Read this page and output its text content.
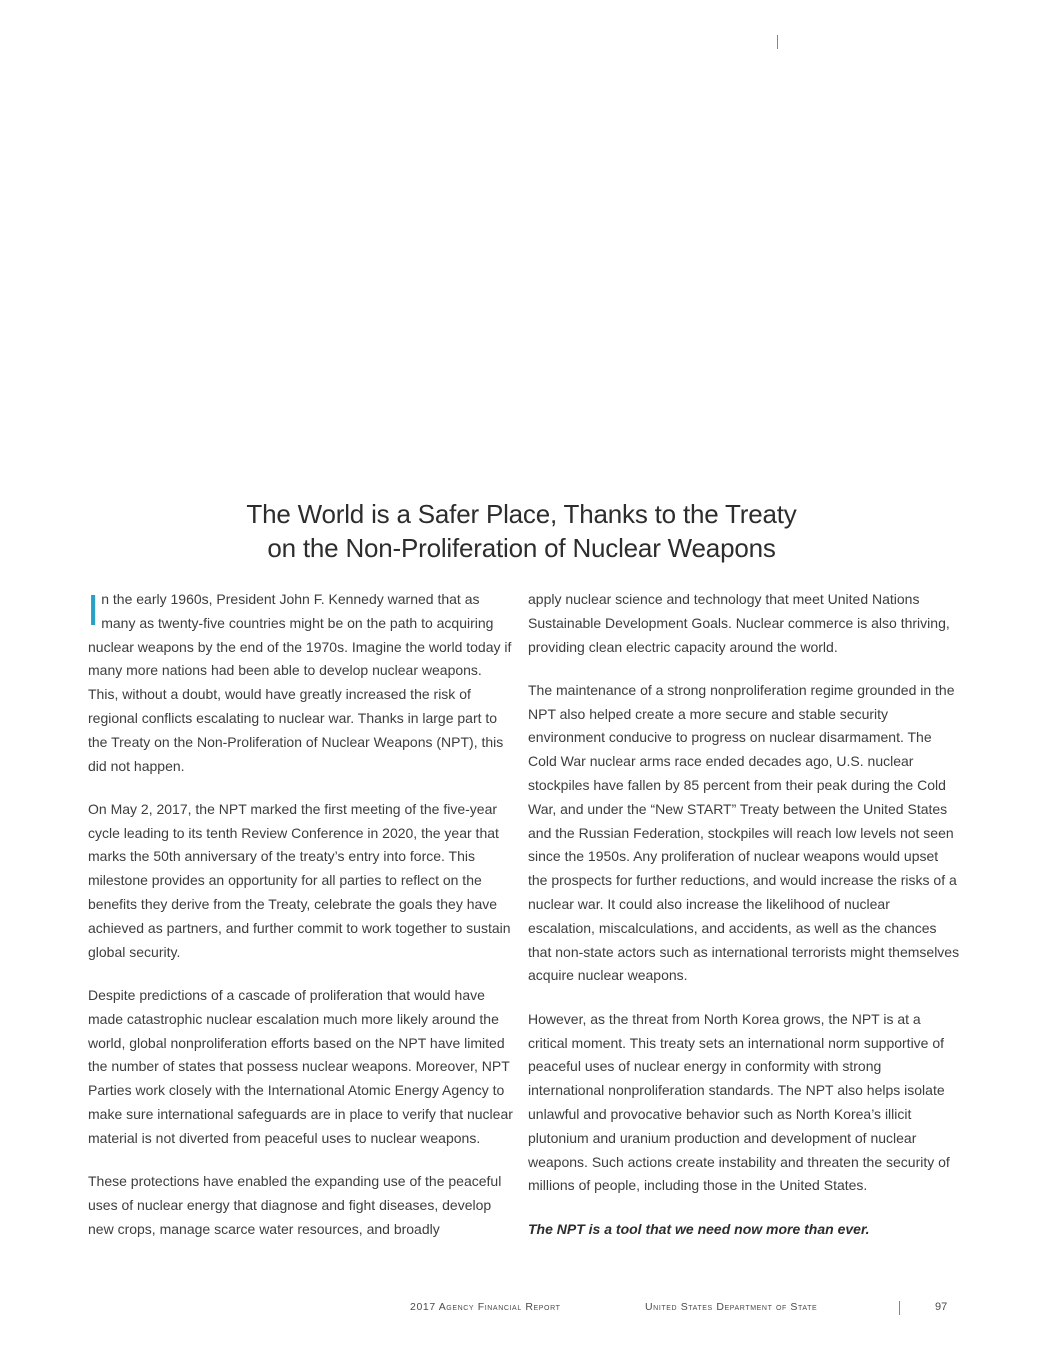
The World is a Safer Place, Thanks to the Treaty
on the Non-Proliferation of Nuclear Weapons

In the early 1960s, President John F. Kennedy warned that as many as twenty-five countries might be on the path to acquiring nuclear weapons by the end of the 1970s. Imagine the world today if many more nations had been able to develop nuclear weapons. This, without a doubt, would have greatly increased the risk of regional conflicts escalating to nuclear war. Thanks in large part to the Treaty on the Non-Proliferation of Nuclear Weapons (NPT), this did not happen.

On May 2, 2017, the NPT marked the first meeting of the five-year cycle leading to its tenth Review Conference in 2020, the year that marks the 50th anniversary of the treaty’s entry into force. This milestone provides an opportunity for all parties to reflect on the benefits they derive from the Treaty, celebrate the goals they have achieved as partners, and further commit to work together to sustain global security.

Despite predictions of a cascade of proliferation that would have made catastrophic nuclear escalation much more likely around the world, global nonproliferation efforts based on the NPT have limited the number of states that possess nuclear weapons. Moreover, NPT Parties work closely with the International Atomic Energy Agency to make sure international safeguards are in place to verify that nuclear material is not diverted from peaceful uses to nuclear weapons.

These protections have enabled the expanding use of the peaceful uses of nuclear energy that diagnose and fight diseases, develop new crops, manage scarce water resources, and broadly

apply nuclear science and technology that meet United Nations Sustainable Development Goals. Nuclear commerce is also thriving, providing clean electric capacity around the world.

The maintenance of a strong nonproliferation regime grounded in the NPT also helped create a more secure and stable security environment conducive to progress on nuclear disarmament. The Cold War nuclear arms race ended decades ago, U.S. nuclear stockpiles have fallen by 85 percent from their peak during the Cold War, and under the “New START” Treaty between the United States and the Russian Federation, stockpiles will reach low levels not seen since the 1950s. Any proliferation of nuclear weapons would upset the prospects for further reductions, and would increase the risks of a nuclear war. It could also increase the likelihood of nuclear escalation, miscalculations, and accidents, as well as the chances that non-state actors such as international terrorists might themselves acquire nuclear weapons.

However, as the threat from North Korea grows, the NPT is at a critical moment. This treaty sets an international norm supportive of peaceful uses of nuclear energy in conformity with strong international nonproliferation standards. The NPT also helps isolate unlawful and provocative behavior such as North Korea’s illicit plutonium and uranium production and development of nuclear weapons. Such actions create instability and threaten the security of millions of people, including those in the United States.

The NPT is a tool that we need now more than ever.

2017 Agency Financial Report	United States Department of State	97
